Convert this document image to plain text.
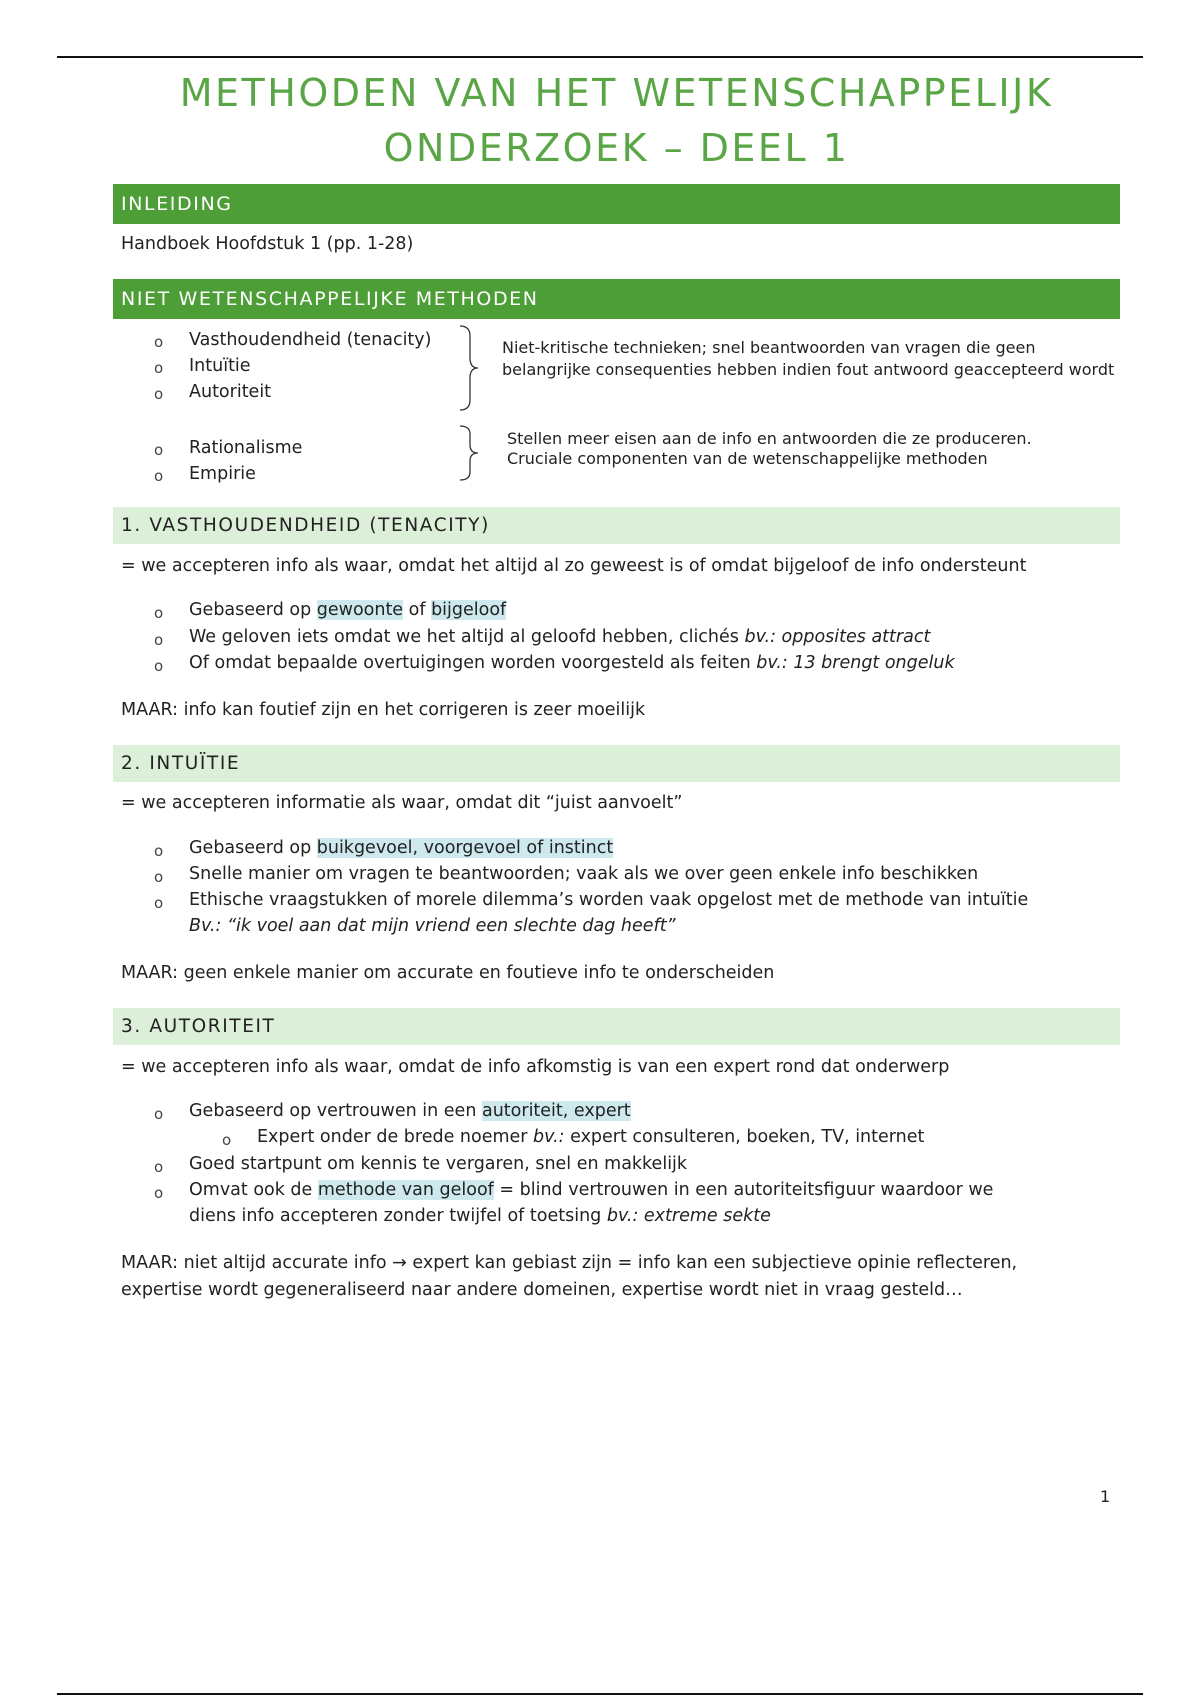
METHODEN VAN HET WETENSCHAPPELIJK
ONDERZOEK – DEEL 1
INLEIDING
Handboek Hoofdstuk 1 (pp. 1-28)
NIET WETENSCHAPPELIJKE METHODEN
o Vasthoudendheid (tenacity)
o Intuïtie
o Autoriteit
Niet-kritische technieken; snel beantwoorden van vragen die geen
belangrijke consequenties hebben indien fout antwoord geaccepteerd wordt
o Rationalisme
o Empirie
Stellen meer eisen aan de info en antwoorden die ze produceren.
Cruciale componenten van de wetenschappelijke methoden
1. VASTHOUDENDHEID (TENACITY)
= we accepteren info als waar, omdat het altijd al zo geweest is of omdat bijgeloof de info ondersteunt
o Gebaseerd op gewoonte of bijgeloof
o We geloven iets omdat we het altijd al geloofd hebben, clichés bv.: opposites attract
o Of omdat bepaalde overtuigingen worden voorgesteld als feiten bv.: 13 brengt ongeluk
MAAR: info kan foutief zijn en het corrigeren is zeer moeilijk
2. INTUÏTIE
= we accepteren informatie als waar, omdat dit “juist aanvoelt”
o Gebaseerd op buikgevoel, voorgevoel of instinct
o Snelle manier om vragen te beantwoorden; vaak als we over geen enkele info beschikken
o Ethische vraagstukken of morele dilemma’s worden vaak opgelost met de methode van intuïtie
Bv.: “ik voel aan dat mijn vriend een slechte dag heeft”
MAAR: geen enkele manier om accurate en foutieve info te onderscheiden
3. AUTORITEIT
= we accepteren info als waar, omdat de info afkomstig is van een expert rond dat onderwerp
o Gebaseerd op vertrouwen in een autoriteit, expert
o Expert onder de brede noemer bv.: expert consulteren, boeken, TV, internet
o Goed startpunt om kennis te vergaren, snel en makkelijk
o Omvat ook de methode van geloof = blind vertrouwen in een autoriteitsfiguur waardoor we
diens info accepteren zonder twijfel of toetsing bv.: extreme sekte
MAAR: niet altijd accurate info → expert kan gebiast zijn = info kan een subjectieve opinie reflecteren,
expertise wordt gegeneraliseerd naar andere domeinen, expertise wordt niet in vraag gesteld…
1
